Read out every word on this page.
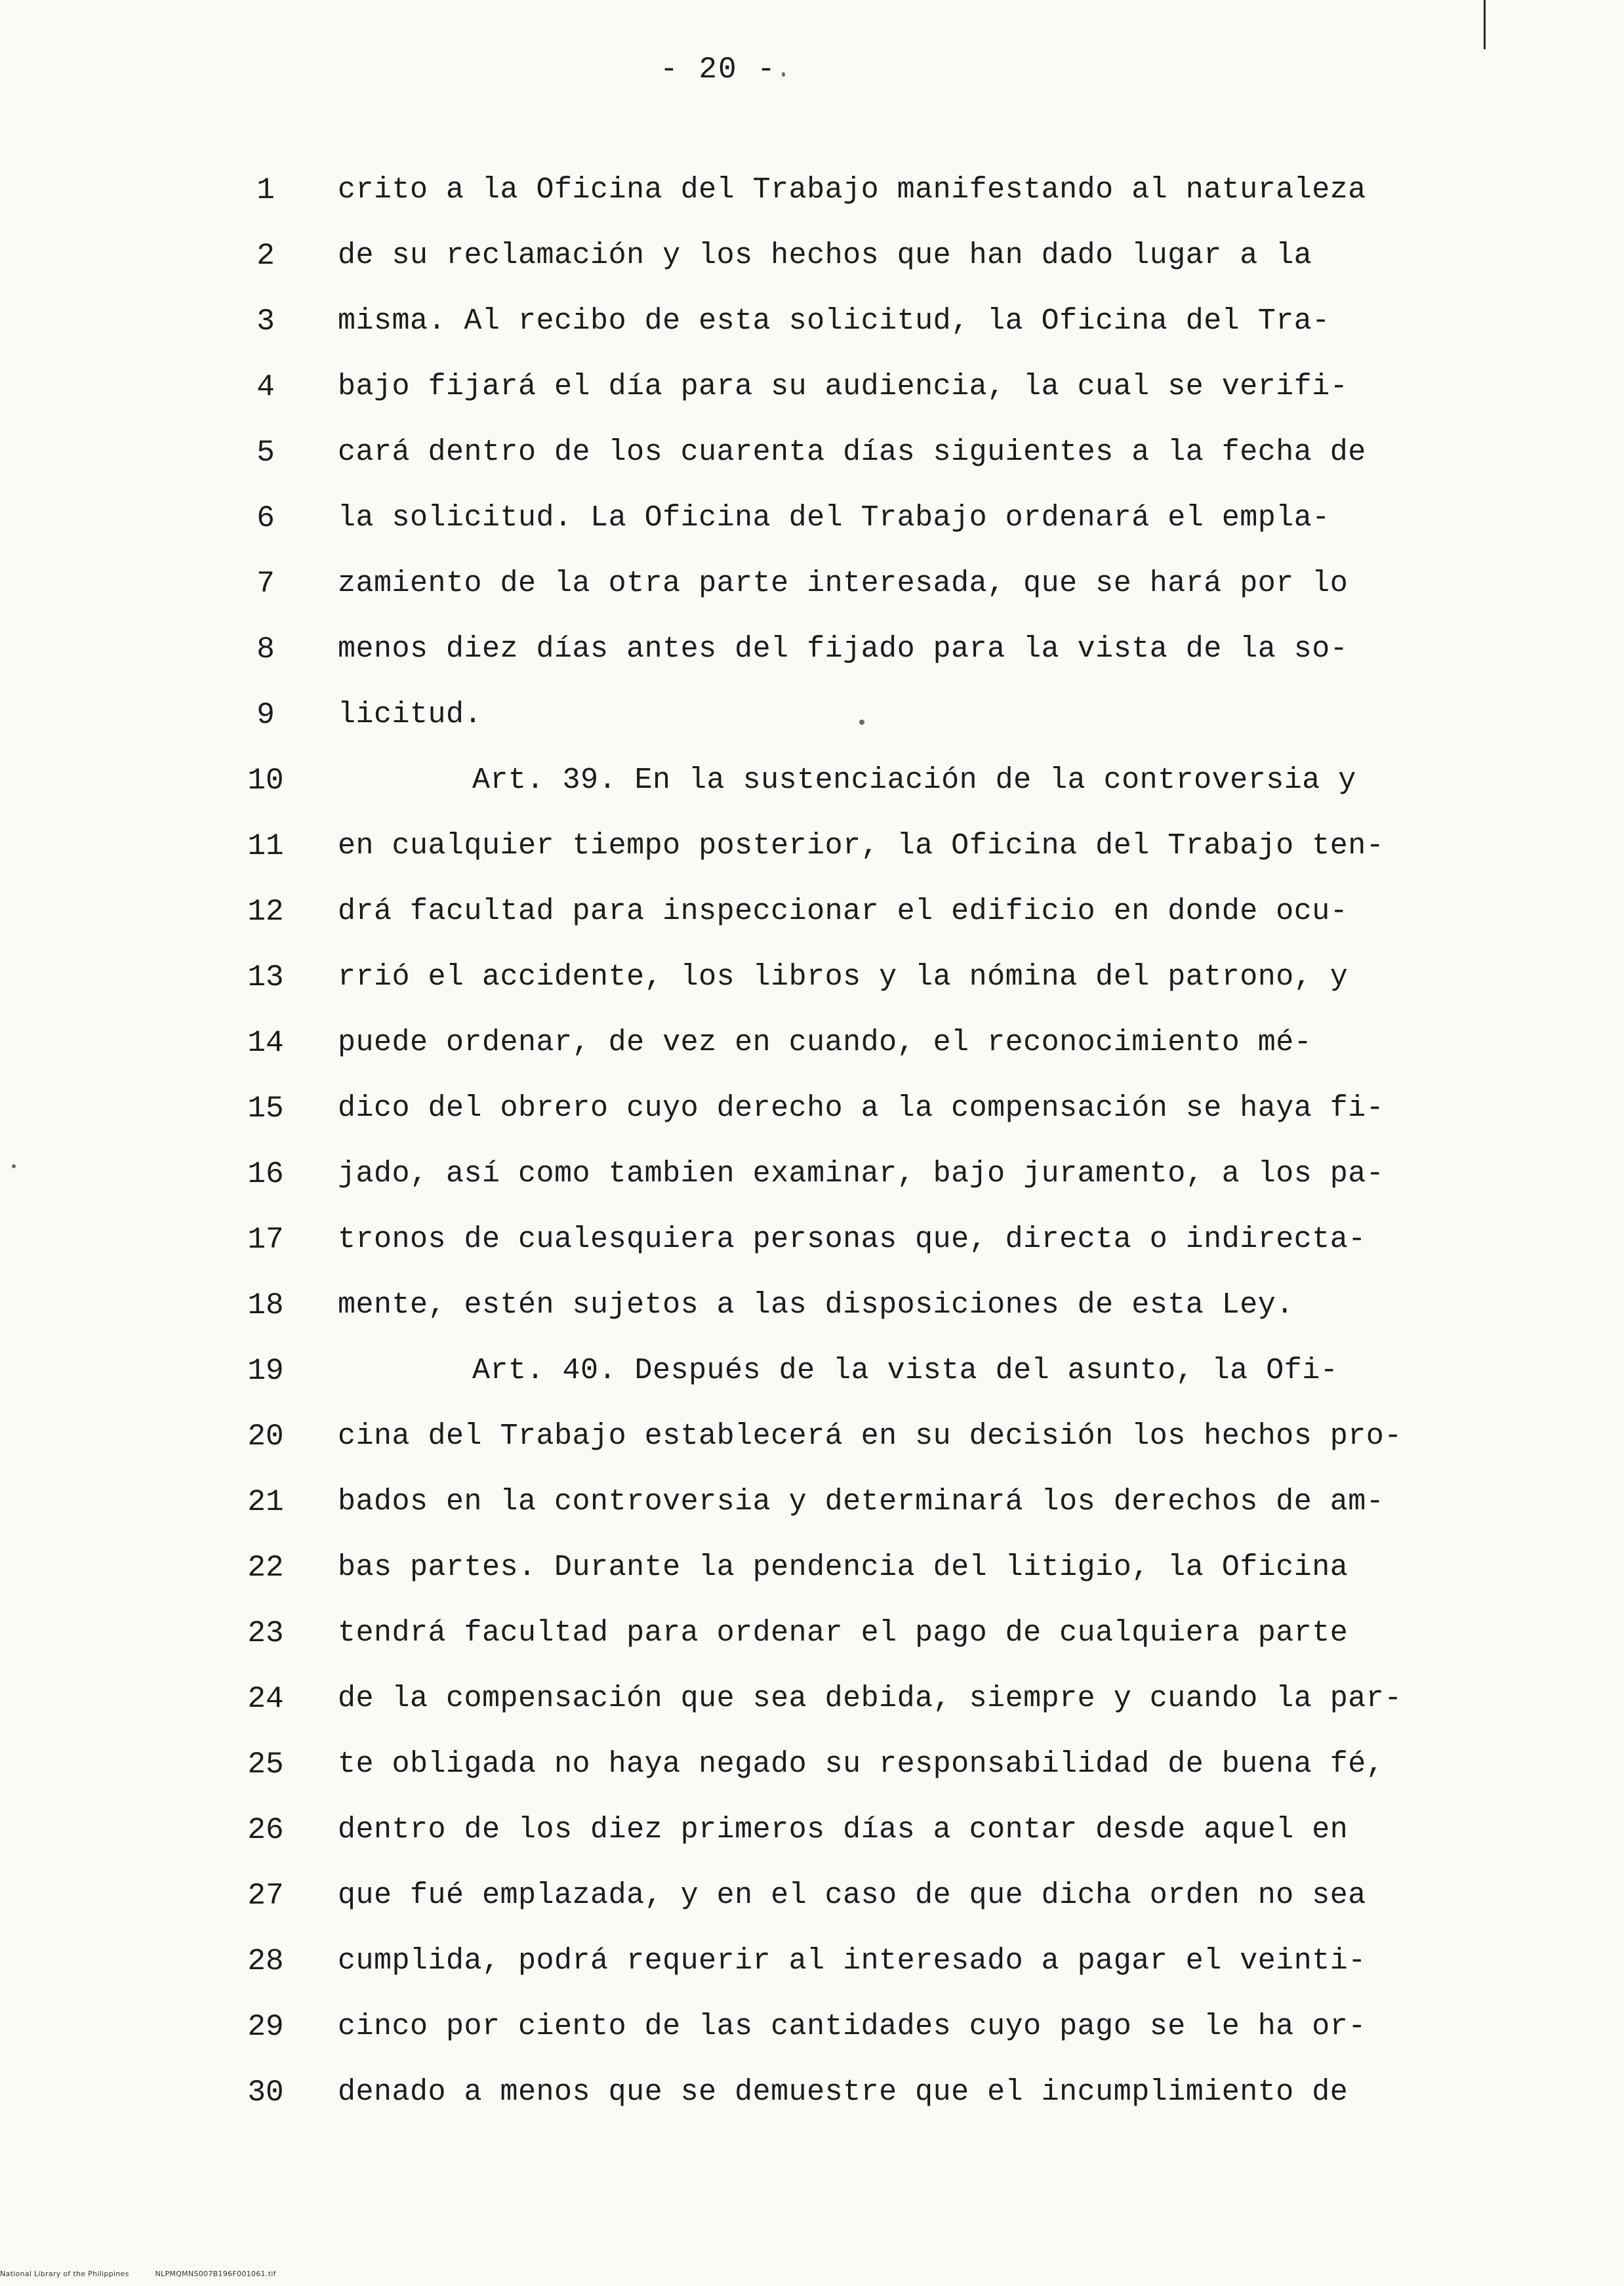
- 20 -
1	crito a la Oficina del Trabajo manifestando al naturaleza
2	de su reclamación y los hechos que han dado lugar a la
3	misma. Al recibo de esta solicitud, la Oficina del Tra-
4	bajo fijará el día para su audiencia, la cual se verifi-
5	cará dentro de los cuarenta días siguientes a la fecha de
6	la solicitud. La Oficina del Trabajo ordenará el empla-
7	zamiento de la otra parte interesada, que se hará por lo
8	menos diez días antes del fijado para la vista de la so-
9	licitud.
10	Art. 39. En la sustenciación de la controversia y
11	en cualquier tiempo posterior, la Oficina del Trabajo ten-
12	drá facultad para inspeccionar el edificio en donde ocu-
13	rrió el accidente, los libros y la nómina del patrono, y
14	puede ordenar, de vez en cuando, el reconocimiento mé-
15	dico del obrero cuyo derecho a la compensación se haya fi-
16	jado, así como tambien examinar, bajo juramento, a los pa-
17	tronos de cualesquiera personas que, directa o indirecta-
18	mente, estén sujetos a las disposiciones de esta Ley.
19	Art. 40. Después de la vista del asunto, la Ofi-
20	cina del Trabajo establecerá en su decisión los hechos pro-
21	bados en la controversia y determinará los derechos de am-
22	bas partes. Durante la pendencia del litigio, la Oficina
23	tendrá facultad para ordenar el pago de cualquiera parte
24	de la compensación que sea debida, siempre y cuando la par-
25	te obligada no haya negado su responsabilidad de buena fé,
26	dentro de los diez primeros días a contar desde aquel en
27	que fué emplazada, y en el caso de que dicha orden no sea
28	cumplida, podrá requerir al interesado a pagar el veinti-
29	cinco por ciento de las cantidades cuyo pago se le ha or-
30	denado a menos que se demuestre que el incumplimiento de
National Library of the Philippines	NLPMQMNS007B196F001061.tif
